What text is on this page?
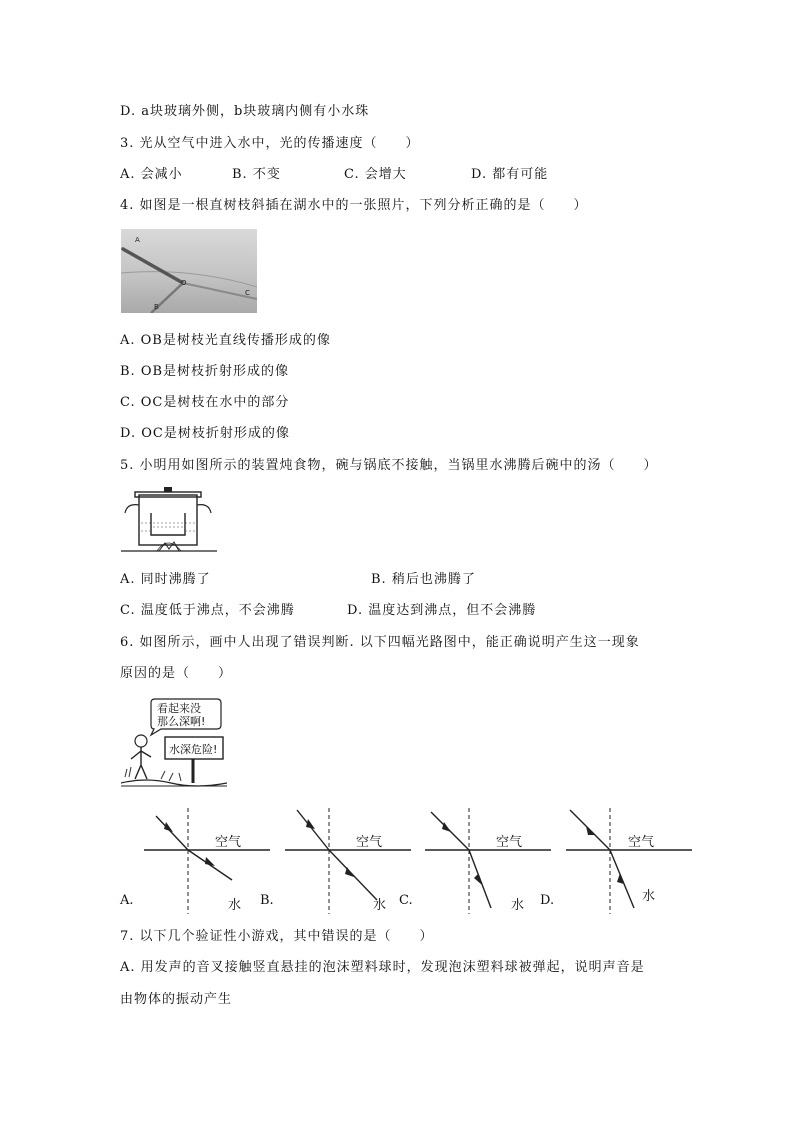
D. a块玻璃外侧，b块玻璃内侧有小水珠
3. 光从空气中进入水中，光的传播速度（　　）
A. 会减小	B. 不变	C. 会增大	D. 都有可能
4. 如图是一根直树枝斜插在湖水中的一张照片，下列分析正确的是（　　）
A
O
B
C
A. OB是树枝光直线传播形成的像
B. OB是树枝折射形成的像
C. OC是树枝在水中的部分
D. OC是树枝折射形成的像
5. 小明用如图所示的装置炖食物，碗与锅底不接触，当锅里水沸腾后碗中的汤（　　）
A. 同时沸腾了	B. 稍后也沸腾了
C. 温度低于沸点，不会沸腾	D. 温度达到沸点，但不会沸腾
6. 如图所示，画中人出现了错误判断. 以下四幅光路图中，能正确说明产生这一现象
原因的是（　　）
看起来没
那么深啊!
水深危险!
空气
水
A.
空气
水
B.
空气
水
C.
空气
水
D.
7. 以下几个验证性小游戏，其中错误的是（　　）
A. 用发声的音叉接触竖直悬挂的泡沫塑料球时，发现泡沫塑料球被弹起，说明声音是
由物体的振动产生
